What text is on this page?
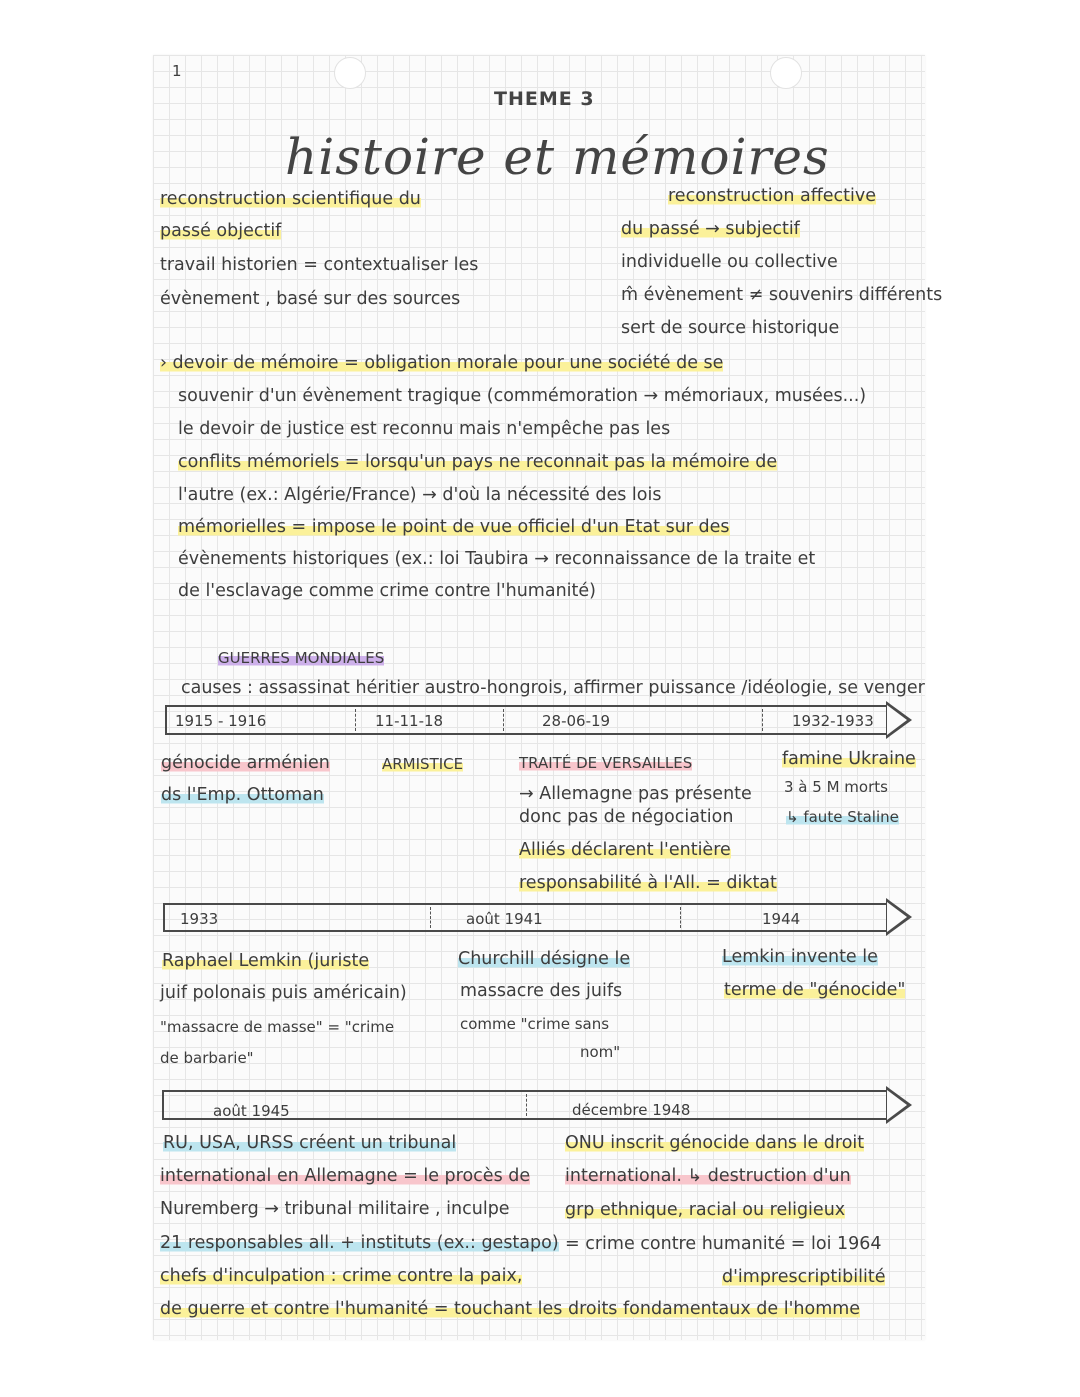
1
THEME 3
histoire et mémoires
reconstruction scientifique du
passé objectif
travail historien = contextualiser les
évènement , basé sur des sources
reconstruction affective
du passé → subjectif
individuelle ou collective
m̂ évènement ≠ souvenirs différents
sert de source historique
› devoir de mémoire = obligation morale pour une société de se
souvenir d'un évènement tragique (commémoration → mémoriaux, musées...)
le devoir de justice est reconnu mais n'empêche pas les
conflits mémoriels = lorsqu'un pays ne reconnait pas la mémoire de
l'autre (ex.: Algérie/France) → d'où la nécessité des lois
mémorielles = impose le point de vue officiel d'un Etat sur des
évènements historiques (ex.: loi Taubira → reconnaissance de la traite et
de l'esclavage comme crime contre l'humanité)
GUERRES MONDIALES
causes : assassinat héritier austro-hongrois, affirmer puissance /idéologie, se venger
1915 - 1916	11-11-18	28-06-19	1932-1933
génocide arménien
ds l'Emp. Ottoman
ARMISTICE	TRAITÉ DE VERSAILLES
→ Allemagne pas présente
donc pas de négociation
Alliés déclarent l'entière
responsabilité à l'All. = diktat
famine Ukraine
3 à 5 M morts
↳ faute Staline
1933	août 1941	1944
Raphael Lemkin (juriste
juif polonais puis américain)
"massacre de masse" = "crime
de barbarie"
Churchill désigne le
massacre des juifs
comme "crime sans
nom"
Lemkin invente le
terme de "génocide"
août 1945	décembre 1948
RU, USA, URSS créent un tribunal
international en Allemagne = le procès de
Nuremberg → tribunal militaire , inculpe
21 responsables all. + instituts (ex.: gestapo)
chefs d'inculpation : crime contre la paix,
de guerre et contre l'humanité = touchant les droits fondamentaux de l'homme
ONU inscrit génocide dans le droit
international. ↳ destruction d'un
grp ethnique, racial ou religieux
= crime contre humanité = loi 1964
d'imprescriptibilité
